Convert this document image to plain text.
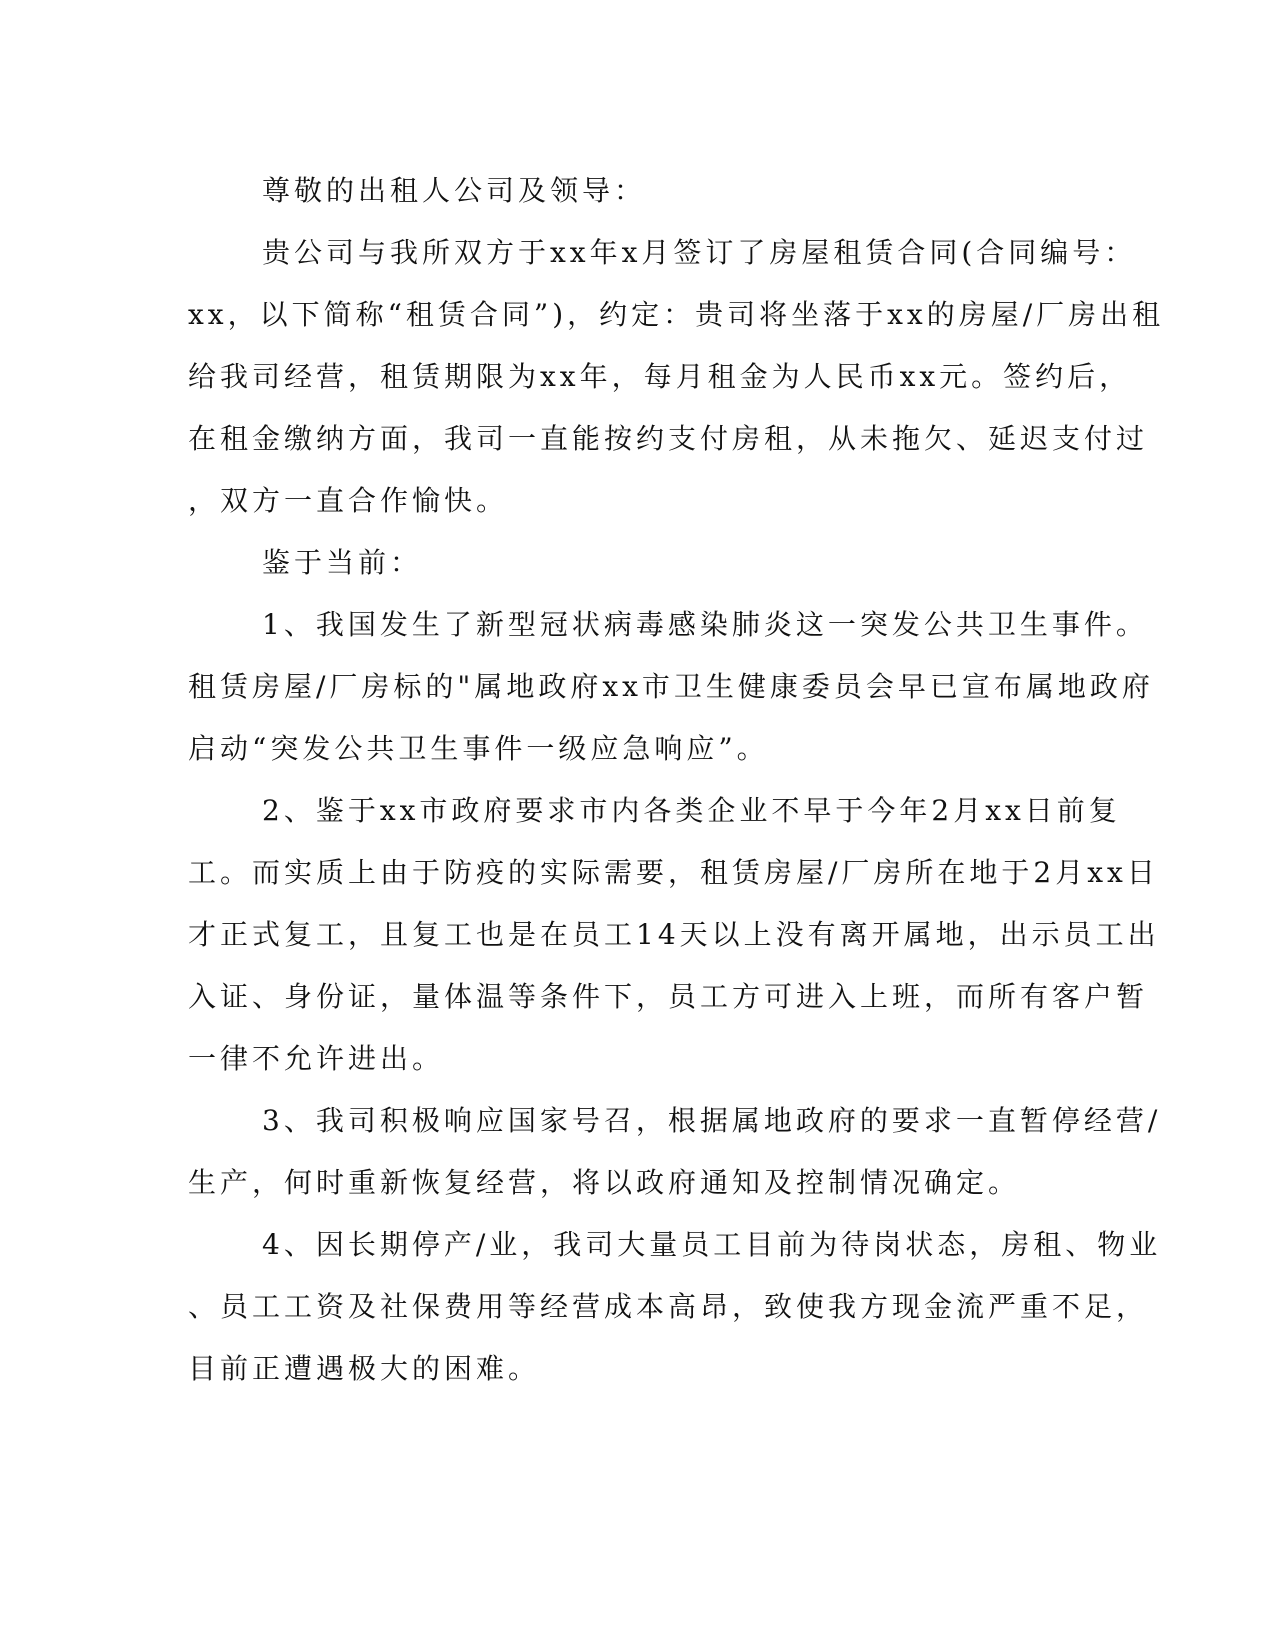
尊敬的出租人公司及领导：
贵公司与我所双方于xx年x月签订了房屋租赁合同(合同编号：
xx，以下简称“租赁合同”)，约定：贵司将坐落于xx的房屋/厂房出租
给我司经营，租赁期限为xx年，每月租金为人民币xx元。签约后，
在租金缴纳方面，我司一直能按约支付房租，从未拖欠、延迟支付过
，双方一直合作愉快。
鉴于当前：
1、我国发生了新型冠状病毒感染肺炎这一突发公共卫生事件。
租赁房屋/厂房标的"属地政府xx市卫生健康委员会早已宣布属地政府
启动“突发公共卫生事件一级应急响应”。
2、鉴于xx市政府要求市内各类企业不早于今年2月xx日前复
工。而实质上由于防疫的实际需要，租赁房屋/厂房所在地于2月xx日
才正式复工，且复工也是在员工14天以上没有离开属地，出示员工出
入证、身份证，量体温等条件下，员工方可进入上班，而所有客户暂
一律不允许进出。
3、我司积极响应国家号召，根据属地政府的要求一直暂停经营/
生产，何时重新恢复经营，将以政府通知及控制情况确定。
4、因长期停产/业，我司大量员工目前为待岗状态，房租、物业
、员工工资及社保费用等经营成本高昂，致使我方现金流严重不足，
目前正遭遇极大的困难。
